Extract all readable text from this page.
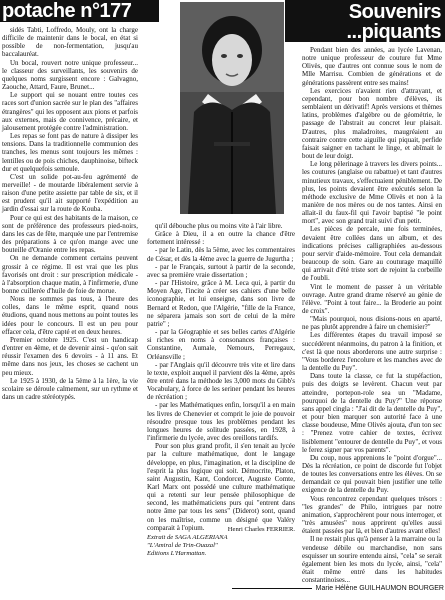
potache n°177	Souvenirs
...piquants

sidés Tabti, Loffredo, Mouly, ont la charge difficile de maintenir dans le bocal, en état si possible de non-fermentation, jusqu'au baccalauréat.

Un bocal, rouvert notre unique professeur... le classeur des surveillants, les souvenirs de quelques noms surgissent encore : Galvagno, Zaouche, Attard, Faure, Brunet...

Le support qui se nouant entre toutes ces races sort d'union sacrée sur le plan des "affaires étrangères" qui les opposent aux pions et parfois aux externes, mais de connivence, précaire, et jalousement protégée contre l'administration.

Les repas se font pas de nature à dissiper les tensions. Dans la traditionnelle communion des tranches, les menus sont toujours les mêmes : lentilles ou de pois chiches, dauphinoise, bifteck dur et quelquefois semoule.

C'est un solide pot-au-feu agrémenté de merveille! - de moutarde libéralement servie à raison d'une petite assiette par table de six, et il est prudent qu'il ait supporté l'expédition au jardin d'essai sur la route de Kouba.

Pour ce qui est des habitants de la maison, ce sont de préférence des professeurs pied-noirs, dans les cas de fête, marquée une par l'entremise des préparations à ce qu'on mange avec une bouteille d'Oranie entre les repas.

On ne demande comment certains peuvent grossir à ce régime. Il est vrai que les plus favorisés ont droit : sur prescription médicale - à l'absorption chaque matin, à l'infirmerie, d'une bonne cuillerée d'huile de foie de morue.

Nous ne sommes pas tous, à l'heure des colles, dans le même esprit, quand nous étudions, quand nous mettons au point toutes les idées pour le concours. Il est un peu pour effacer cela, d'être capté et en deux heures.

Premier octobre 1925. C'est un handicap d'entrer en 4ème, et de devenir ainsi - qu'on sait réussir l'examen des 6 devoirs - à 11 ans. Et même dans nos jeux, les choses se cachent un peu mieux.

Le 1925 à 1930, de la 5ème à la 1ère, la vie scolaire se déroule calmement, sur un rythme et dans un cadre stéréotypés.

qu'il débouche plus ou moins vite à l'air libre.

Grâce à Dieu, il a en outre la chance d'être fortement intéressé :

- par le Latin, dès la 5ème, avec les commentaires de César, et dès la 4ème avec la guerre de Jugurtha ;

- par le Français, surtout à partir de la seconde, avec sa première vraie dissertation ;

- par l'Histoire, grâce à M. Leca qui, à partir du Moyen Age, l'incite à créer ses cahiers d'une belle iconographie, et lui enseigne, dans son livre de Bernard et Redon, que l'Algérie, "fille de la France, ne séparera jamais son sort de celui de la mère patrie" ;

- par la Géographie et ses belles cartes d'Algérie si riches en noms à consonances françaises : Constantine, Aumale, Nemours, Perregaux, Orléansville ;

- par l'Anglais qu'il découvre très vite et lire dans le texte, exploit auquel il parvient dès la 4ème, après être entré dans la méthode les 3,000 mots du Gibb's Vocabulary, à force de les seriner pendant les heures de récréation ;

- par les Mathématiques enfin, lorsqu'il a en main les livres de Chenevier et comprit le joie de pouvoir résoudre presque tous les problèmes pendant les longues heures de solitude passées, en 1928, à l'infirmerie du lycée, avec des oreillons tardifs.

Pour son plus grand profit, il s'en tenait au lycée par la culture mathématique, dont le langage développe, en plus, l'imagination, et la discipline de l'esprit la plus logique qui soit. Démocrite, Platon, saint Augustin, Kant, Condorcet, Auguste Comte, Karl Marx ont possédé une culture mathématique qui a retenti sur leur pensée philosophique de second, les mathématiciens purs qui "entrent dans notre âme par tous les sens" (Diderot) sont, quand on les maîtrise, comme un désigné que Valéry comparait à l'opium.	Henri Charles FERRIER.
Extrait de SAGA ALGERIANA
"L'Amiral de Trin-Ouazal"
Editions L'Harmattan.

Pendant bien des années, au lycée Lavenan, notre unique professeur de couture fut Mme Olivès, que d'autres ont connue sous le nom de Mlle Marrisu. Combien de générations et de générations passèrent entre ses mains!

Les exercices n'avaient rien d'attrayant, et cependant, pour bon nombre d'élèves, ils semblaient un dérivatif! Après versions et thèmes latins, problèmes d'algèbre ou de géométrie, le passage de l'abstrait au concret leur plaisait. D'autres, plus maladroites, maugréaient au contraire contre cette aiguille qui piquait, perfide faisait saigner en tachant le linge, et abîmait le bout de leur doigt.

Le long pèlerinage à travers les divers points... les coutures (anglaise ou rabattue) et tant d'autres minutieux travaux, s'effectuaient péniblement. De plus, les points devaient être exécutés selon la méthode exclusive de Mme Olivès et non à la manière de nos mères ou de nos tantes. Ainsi en allait-il du faux-fil qui l'avoir baptisé "le point mort", avec son grand trait suivi d'un petit.

Les pièces de percale, une fois terminées, devaient être collées dans un album, et des indications précises calligraphiées au-dessous pour servir d'aide-mémoire. Tout cela demandait beaucoup de soin. Gare au couturage maquillé qui arrivait d'été triste sort de rejoint la corbeille de l'oubli.

Vint le moment de passer à un véritable ouvrage. Autre grand drame réservé au génie de l'élève. "Point à tout faire... la Broderie au point de croix".

"Mais pourquoi, nous disions-nous en aparté, ne pas plutôt apprendre à faire un chemisier?"

Les différentes étapes du travail imposé se succédèrent néanmoins, du patron à la finition, et c'est là que nous aborderons une autre surprise : "Vous borderez l'encolure et les manches avec de la dentelle du Puy".

Dans toute la classe, ce fut la stupéfaction, puis des doigts se levèrent. Chacun veut par atteindre, portepon-role sea un "Madame, pourquoi de la dentelle du Puy?" Une réponse sans appel cingla : "J'ai dit de la dentelle du Puy", et pour bien marquer son autorité face à une classe boudeuse, Mme Olivès ajouta, d'un ton sec : "Prenez votre cahier de textes, écrivez lisiblement "entourer de dentelle du Puy", et vous le ferez signer par vos parents".

Du coup, nous apprenions le "point d'orgue"... Dès la récréation, ce point de discorde fut l'objet de toutes les conversations entre les élèves. On se demandait ce qui pouvait bien justifier une telle exigence de la dentelle du Puy.

Vous rencontrez cependant quelques trésors : "les grandes" de Philo, intrigues par notre animation, s'approchèrent pour nous interroger, et "très amusées" nous apprirent qu'elles aussi étaient passées par là, et bien d'autres avant elles!

Il ne restait plus qu'à penser à la marraine ou la vendeuse débile ou marchandise, non sans esquisser un sourire entendu ainsi, "cela" se serait également bien les mots du lycée, ainsi, "cela" était même entré dans les habitudes constantinoises...

Marie Hélène GUILHAUMON BOURGER
